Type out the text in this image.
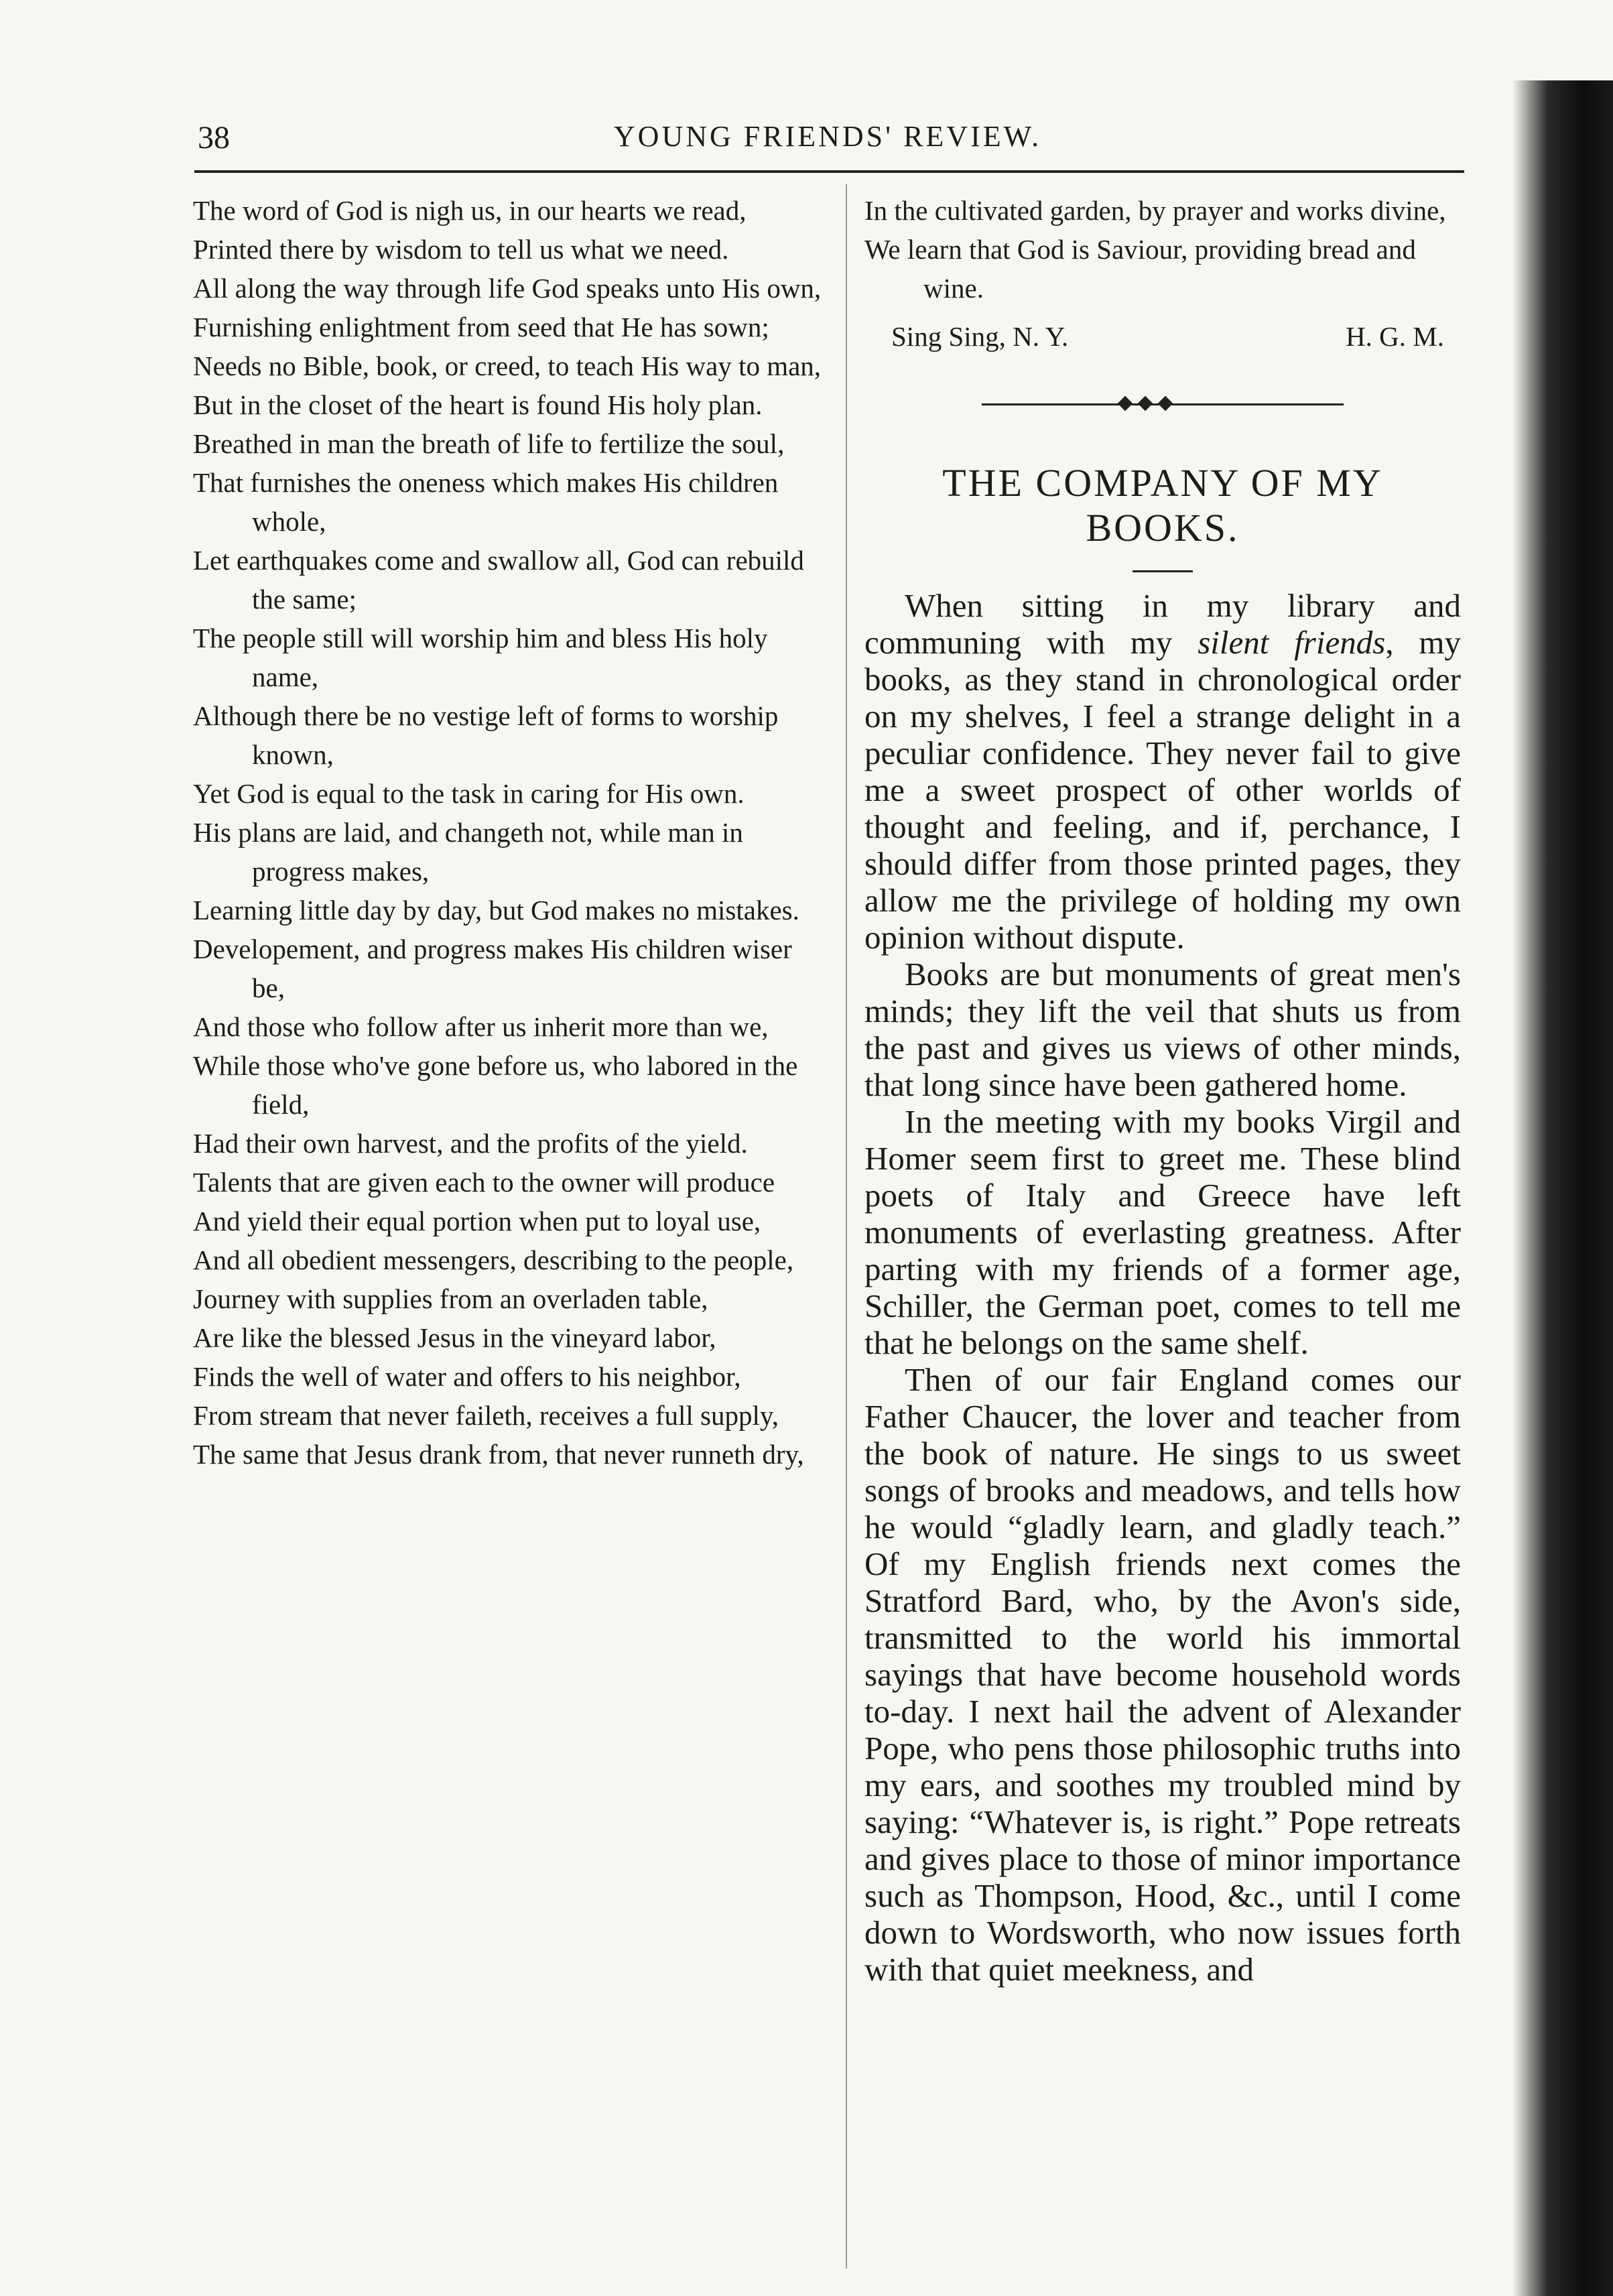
38	YOUNG FRIENDS' REVIEW.

The word of God is nigh us, in our hearts we read,

Printed there by wisdom to tell us what we need.

All along the way through life God speaks unto His own,

Furnishing enlightment from seed that He has sown;

Needs no Bible, book, or creed, to teach His way to man,

But in the closet of the heart is found His holy plan.

Breathed in man the breath of life to fertilize the soul,

That furnishes the oneness which makes His children whole,

Let earthquakes come and swallow all, God can rebuild the same;

The people still will worship him and bless His holy name,

Although there be no vestige left of forms to worship known,

Yet God is equal to the task in caring for His own.

His plans are laid, and changeth not, while man in progress makes,

Learning little day by day, but God makes no mistakes.

Developement, and progress makes His children wiser be,

And those who follow after us inherit more than we,

While those who've gone before us, who labored in the field,

Had their own harvest, and the profits of the yield.

Talents that are given each to the owner will produce

And yield their equal portion when put to loyal use,

And all obedient messengers, describing to the people,

Journey with supplies from an overladen table,

Are like the blessed Jesus in the vineyard labor,

Finds the well of water and offers to his neighbor,

From stream that never faileth, receives a full supply,

The same that Jesus drank from, that never runneth dry,

In the cultivated garden, by prayer and works divine,

We learn that God is Saviour, providing bread and wine.

Sing Sing, N. Y.	H. G. M.
THE COMPANY OF MY BOOKS.

When sitting in my library and communing with my silent friends, my books, as they stand in chronological order on my shelves, I feel a strange delight in a peculiar confidence. They never fail to give me a sweet prospect of other worlds of thought and feeling, and if, perchance, I should differ from those printed pages, they allow me the privilege of holding my own opinion without dispute.

Books are but monuments of great men's minds; they lift the veil that shuts us from the past and gives us views of other minds, that long since have been gathered home.

In the meeting with my books Virgil and Homer seem first to greet me. These blind poets of Italy and Greece have left monuments of everlasting greatness. After parting with my friends of a former age, Schiller, the German poet, comes to tell me that he belongs on the same shelf.

Then of our fair England comes our Father Chaucer, the lover and teacher from the book of nature. He sings to us sweet songs of brooks and meadows, and tells how he would “gladly learn, and gladly teach.” Of my English friends next comes the Stratford Bard, who, by the Avon's side, transmitted to the world his immortal sayings that have become household words to-day. I next hail the advent of Alexander Pope, who pens those philosophic truths into my ears, and soothes my troubled mind by saying: “Whatever is, is right.” Pope retreats and gives place to those of minor importance such as Thompson, Hood, &c., until I come down to Wordsworth, who now issues forth with that quiet meekness, and
